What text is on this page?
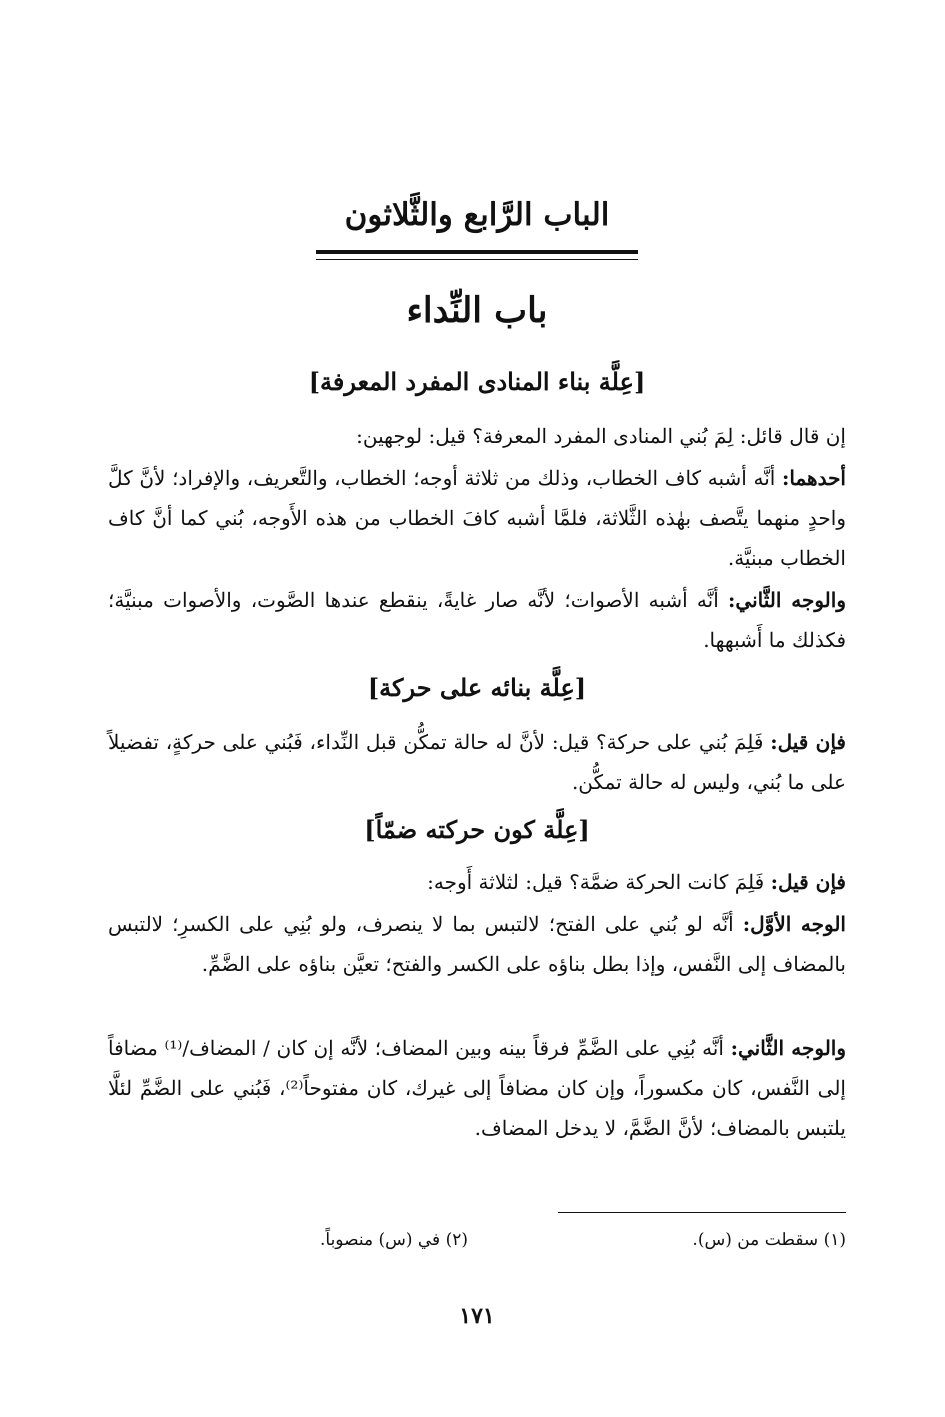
الباب الرَّابع والثَّلاثون
باب النِّداء
[عِلَّة بناء المنادى المفرد المعرفة]

إن قال قائل: لِمَ بُني المنادى المفرد المعرفة؟ قيل: لوجهين:

أحدهما: أنَّه أشبه كاف الخطاب، وذلك من ثلاثة أوجه؛ الخطاب، والتَّعريف، والإفراد؛ لأنَّ كلَّ واحدٍ منهما يتَّصف بهٰذه الثَّلاثة، فلمَّا أشبه كافَ الخطاب من هذه الأَوجه، بُني كما أنَّ كاف الخطاب مبنيَّة.

والوجه الثَّاني: أنَّه أشبه الأصوات؛ لأنَّه صار غايةً، ينقطع عندها الصَّوت، والأصوات مبنيَّة؛ فكذلك ما أَشبهها.

[عِلَّة بنائه على حركة]

فإن قيل: فَلِمَ بُني على حركة؟ قيل: لأنَّ له حالة تمكُّن قبل النِّداء، فَبُني على حركةٍ، تفضيلاً على ما بُني، وليس له حالة تمكُّن.

[عِلَّة كون حركته ضمّاً]

فإن قيل: فَلِمَ كانت الحركة ضمَّة؟ قيل: لثلاثة أَوجه:

الوجه الأوَّل: أنَّه لو بُني على الفتح؛ لالتبس بما لا ينصرف، ولو بُنِي على الكسرِ؛ لالتبس بالمضاف إلى النَّفس، وإذا بطل بناؤه على الكسر والفتح؛ تعيَّن بناؤه على الضَّمِّ.

والوجه الثَّاني: أنَّه بُنِي على الضَّمِّ فرقاً بينه وبين المضاف؛ لأنَّه إن كان / المضاف/⁽¹⁾ مضافاً إلى النَّفس، كان مكسوراً، وإن كان مضافاً إلى غيرك، كان مفتوحاً⁽²⁾، فَبُني على الضَّمِّ لئلَّا يلتبس بالمضاف؛ لأنَّ الضَّمَّ، لا يدخل المضاف.

(١) سقطت من (س).
(٢) في (س) منصوباً.
١٧١
